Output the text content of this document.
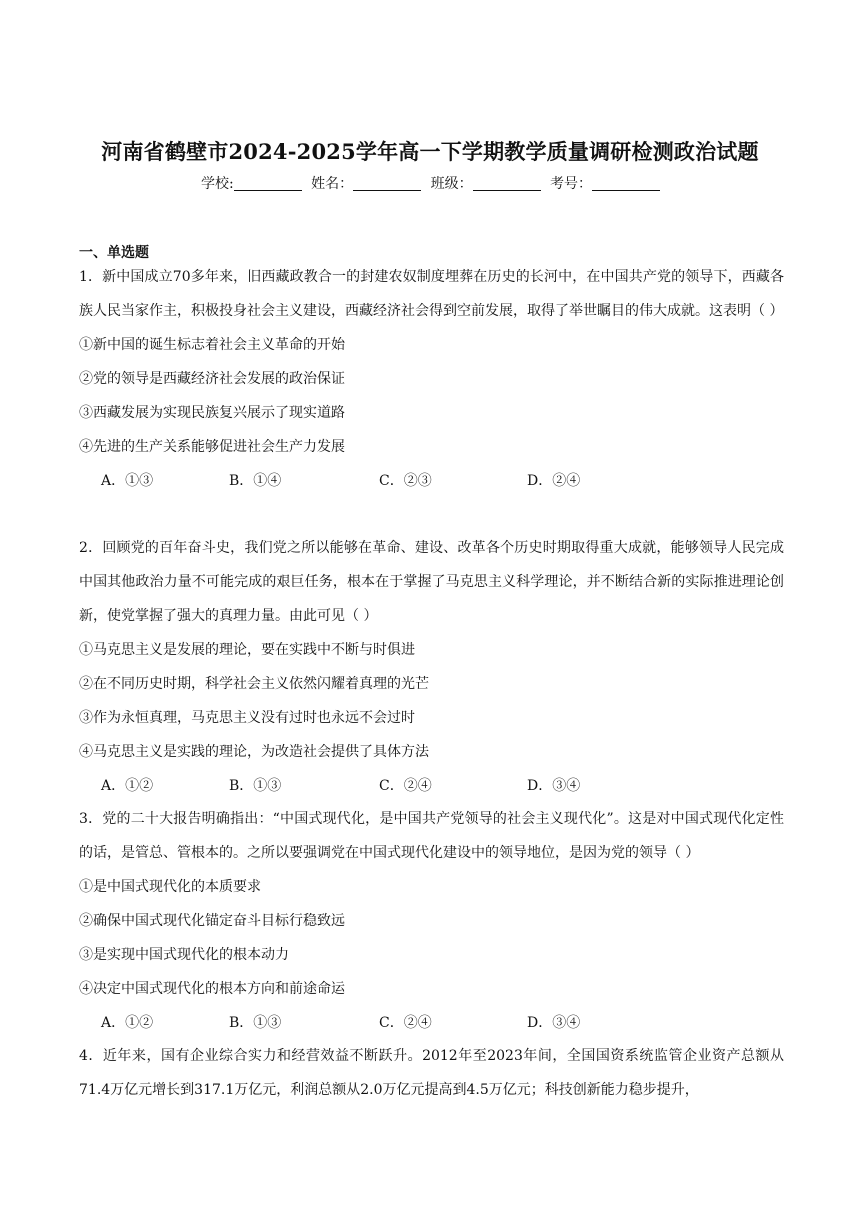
河南省鹤壁市2024-2025学年高一下学期教学质量调研检测政治试题
学校:	姓名：	班级：	考号：
一、单选题
1．新中国成立70多年来，旧西藏政教合一的封建农奴制度埋葬在历史的长河中，在中国共产党的领导下，西藏各族人民当家作主，积极投身社会主义建设，西藏经济社会得到空前发展，取得了举世瞩目的伟大成就。这表明（ ）
①新中国的诞生标志着社会主义革命的开始
②党的领导是西藏经济社会发展的政治保证
③西藏发展为实现民族复兴展示了现实道路
④先进的生产关系能够促进社会生产力发展
A．①③	B．①④	C．②③	D．②④
2．回顾党的百年奋斗史，我们党之所以能够在革命、建设、改革各个历史时期取得重大成就，能够领导人民完成中国其他政治力量不可能完成的艰巨任务，根本在于掌握了马克思主义科学理论，并不断结合新的实际推进理论创新，使党掌握了强大的真理力量。由此可见（ ）
①马克思主义是发展的理论，要在实践中不断与时俱进
②在不同历史时期，科学社会主义依然闪耀着真理的光芒
③作为永恒真理，马克思主义没有过时也永远不会过时
④马克思主义是实践的理论，为改造社会提供了具体方法
A．①②	B．①③	C．②④	D．③④
3．党的二十大报告明确指出：“中国式现代化，是中国共产党领导的社会主义现代化”。这是对中国式现代化定性的话，是管总、管根本的。之所以要强调党在中国式现代化建设中的领导地位，是因为党的领导（ ）
①是中国式现代化的本质要求
②确保中国式现代化锚定奋斗目标行稳致远
③是实现中国式现代化的根本动力
④决定中国式现代化的根本方向和前途命运
A．①②	B．①③	C．②④	D．③④
4．近年来，国有企业综合实力和经营效益不断跃升。2012年至2023年间，全国国资系统监管企业资产总额从71.4万亿元增长到317.1万亿元，利润总额从2.0万亿元提高到4.5万亿元；科技创新能力稳步提升，
